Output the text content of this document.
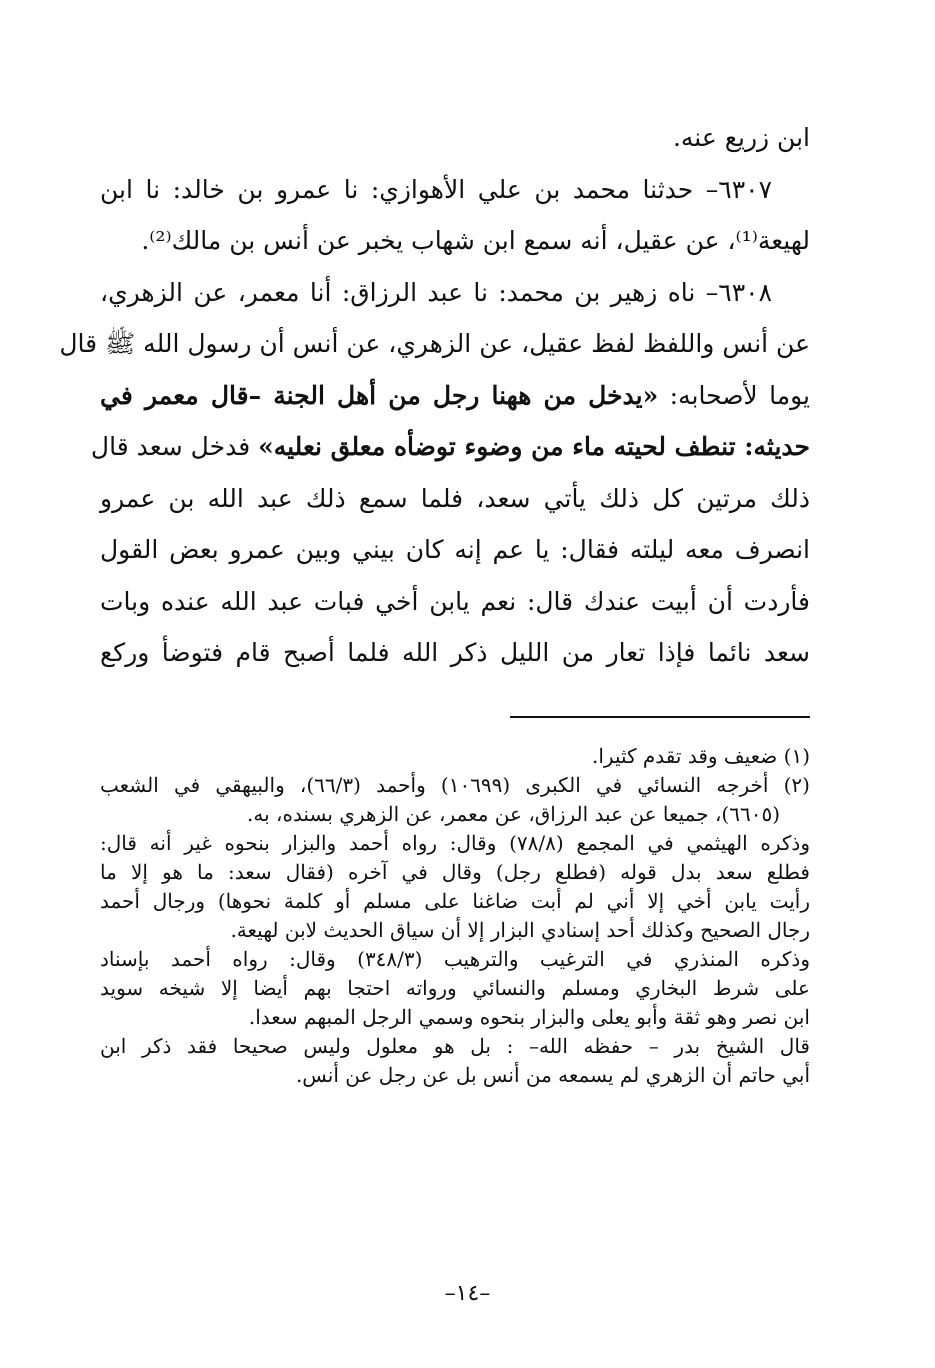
ابن زريع عنه.
٦٣٠٧– حدثنا محمد بن علي الأهوازي: نا عمرو بن خالد: نا ابن
لهيعة⁽¹⁾، عن عقيل، أنه سمع ابن شهاب يخبر عن أنس بن مالك⁽²⁾.
٦٣٠٨– ناه زهير بن محمد: نا عبد الرزاق: أنا معمر، عن الزهري،
عن أنس واللفظ لفظ عقيل، عن الزهري، عن أنس أن رسول الله ﷺ قال
يوما لأصحابه: «يدخل من ههنا رجل من أهل الجنة –قال معمر في
حديثه: تنطف لحيته ماء من وضوء توضأه معلق نعليه» فدخل سعد قال
ذلك مرتين كل ذلك يأتي سعد، فلما سمع ذلك عبد الله بن عمرو
انصرف معه ليلته فقال: يا عم إنه كان بيني وبين عمرو بعض القول
فأردت أن أبيت عندك قال: نعم يابن أخي فبات عبد الله عنده وبات
سعد نائما فإذا تعار من الليل ذكر الله فلما أصبح قام فتوضأ وركع
(١) ضعيف وقد تقدم كثيرا.
(٢) أخرجه النسائي في الكبرى (١٠٦٩٩) وأحمد (٦٦/٣)، والبيهقي في الشعب
(٦٦٠٥)، جميعا عن عبد الرزاق، عن معمر، عن الزهري بسنده، به.
وذكره الهيثمي في المجمع (٧٨/٨) وقال: رواه أحمد والبزار بنحوه غير أنه قال:
فطلع سعد بدل قوله (فطلع رجل) وقال في آخره (فقال سعد: ما هو إلا ما
رأيت يابن أخي إلا أني لم أبت ضاغنا على مسلم أو كلمة نحوها) ورجال أحمد
رجال الصحيح وكذلك أحد إسنادي البزار إلا أن سياق الحديث لابن لهيعة.
وذكره المنذري في الترغيب والترهيب (٣٤٨/٣) وقال: رواه أحمد بإسناد
على شرط البخاري ومسلم والنسائي ورواته احتجا بهم أيضا إلا شيخه سويد
ابن نصر وهو ثقة وأبو يعلى والبزار بنحوه وسمي الرجل المبهم سعدا.
قال الشيخ بدر – حفظه الله– : بل هو معلول وليس صحيحا فقد ذكر ابن
أبي حاتم أن الزهري لم يسمعه من أنس بل عن رجل عن أنس.
–١٤–
